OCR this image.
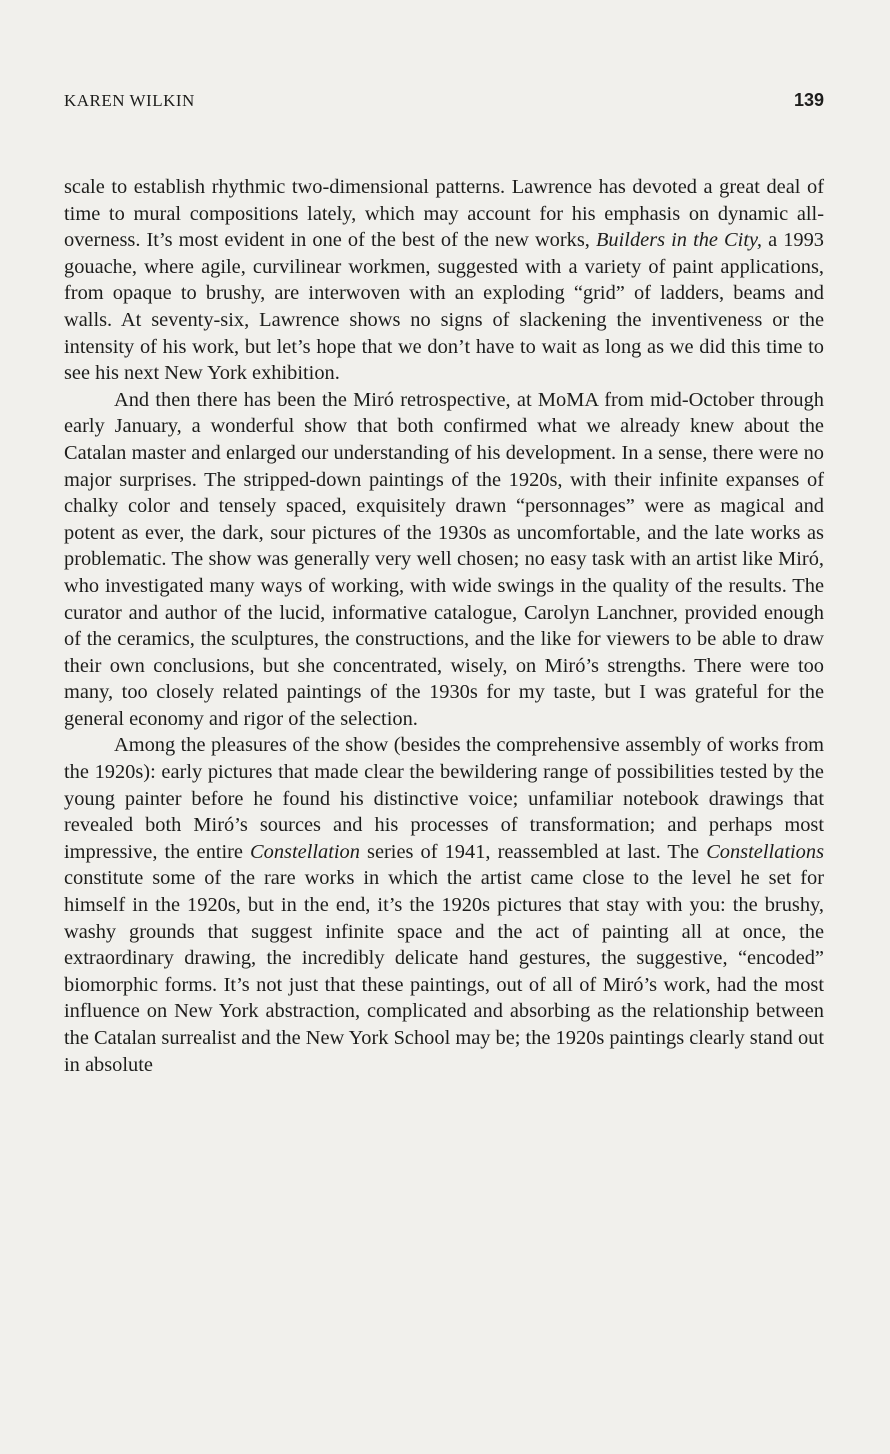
KAREN WILKIN	139

scale to establish rhythmic two-dimensional patterns. Lawrence has devoted a great deal of time to mural compositions lately, which may account for his emphasis on dynamic all-overness. It’s most evident in one of the best of the new works, Builders in the City, a 1993 gouache, where agile, curvilinear workmen, suggested with a variety of paint applications, from opaque to brushy, are interwoven with an exploding “grid” of ladders, beams and walls. At seventy-six, Lawrence shows no signs of slackening the inventiveness or the intensity of his work, but let’s hope that we don’t have to wait as long as we did this time to see his next New York exhibition.

And then there has been the Miró retrospective, at MoMA from mid-October through early January, a wonderful show that both confirmed what we already knew about the Catalan master and enlarged our understanding of his development. In a sense, there were no major surprises. The stripped-down paintings of the 1920s, with their infinite expanses of chalky color and tensely spaced, exquisitely drawn “personnages” were as magical and potent as ever, the dark, sour pictures of the 1930s as uncomfortable, and the late works as problematic. The show was generally very well chosen; no easy task with an artist like Miró, who investigated many ways of working, with wide swings in the quality of the results. The curator and author of the lucid, informative catalogue, Carolyn Lanchner, provided enough of the ceramics, the sculptures, the constructions, and the like for viewers to be able to draw their own conclusions, but she concentrated, wisely, on Miró’s strengths. There were too many, too closely related paintings of the 1930s for my taste, but I was grateful for the general economy and rigor of the selection.

Among the pleasures of the show (besides the comprehensive assembly of works from the 1920s): early pictures that made clear the bewildering range of possibilities tested by the young painter before he found his distinctive voice; unfamiliar notebook drawings that revealed both Miró’s sources and his processes of transformation; and perhaps most impressive, the entire Constellation series of 1941, reassembled at last. The Constellations constitute some of the rare works in which the artist came close to the level he set for himself in the 1920s, but in the end, it’s the 1920s pictures that stay with you: the brushy, washy grounds that suggest infinite space and the act of painting all at once, the extraordinary drawing, the incredibly delicate hand gestures, the suggestive, “encoded” biomorphic forms. It’s not just that these paintings, out of all of Miró’s work, had the most influence on New York abstraction, complicated and absorbing as the relationship between the Catalan surrealist and the New York School may be; the 1920s paintings clearly stand out in absolute
